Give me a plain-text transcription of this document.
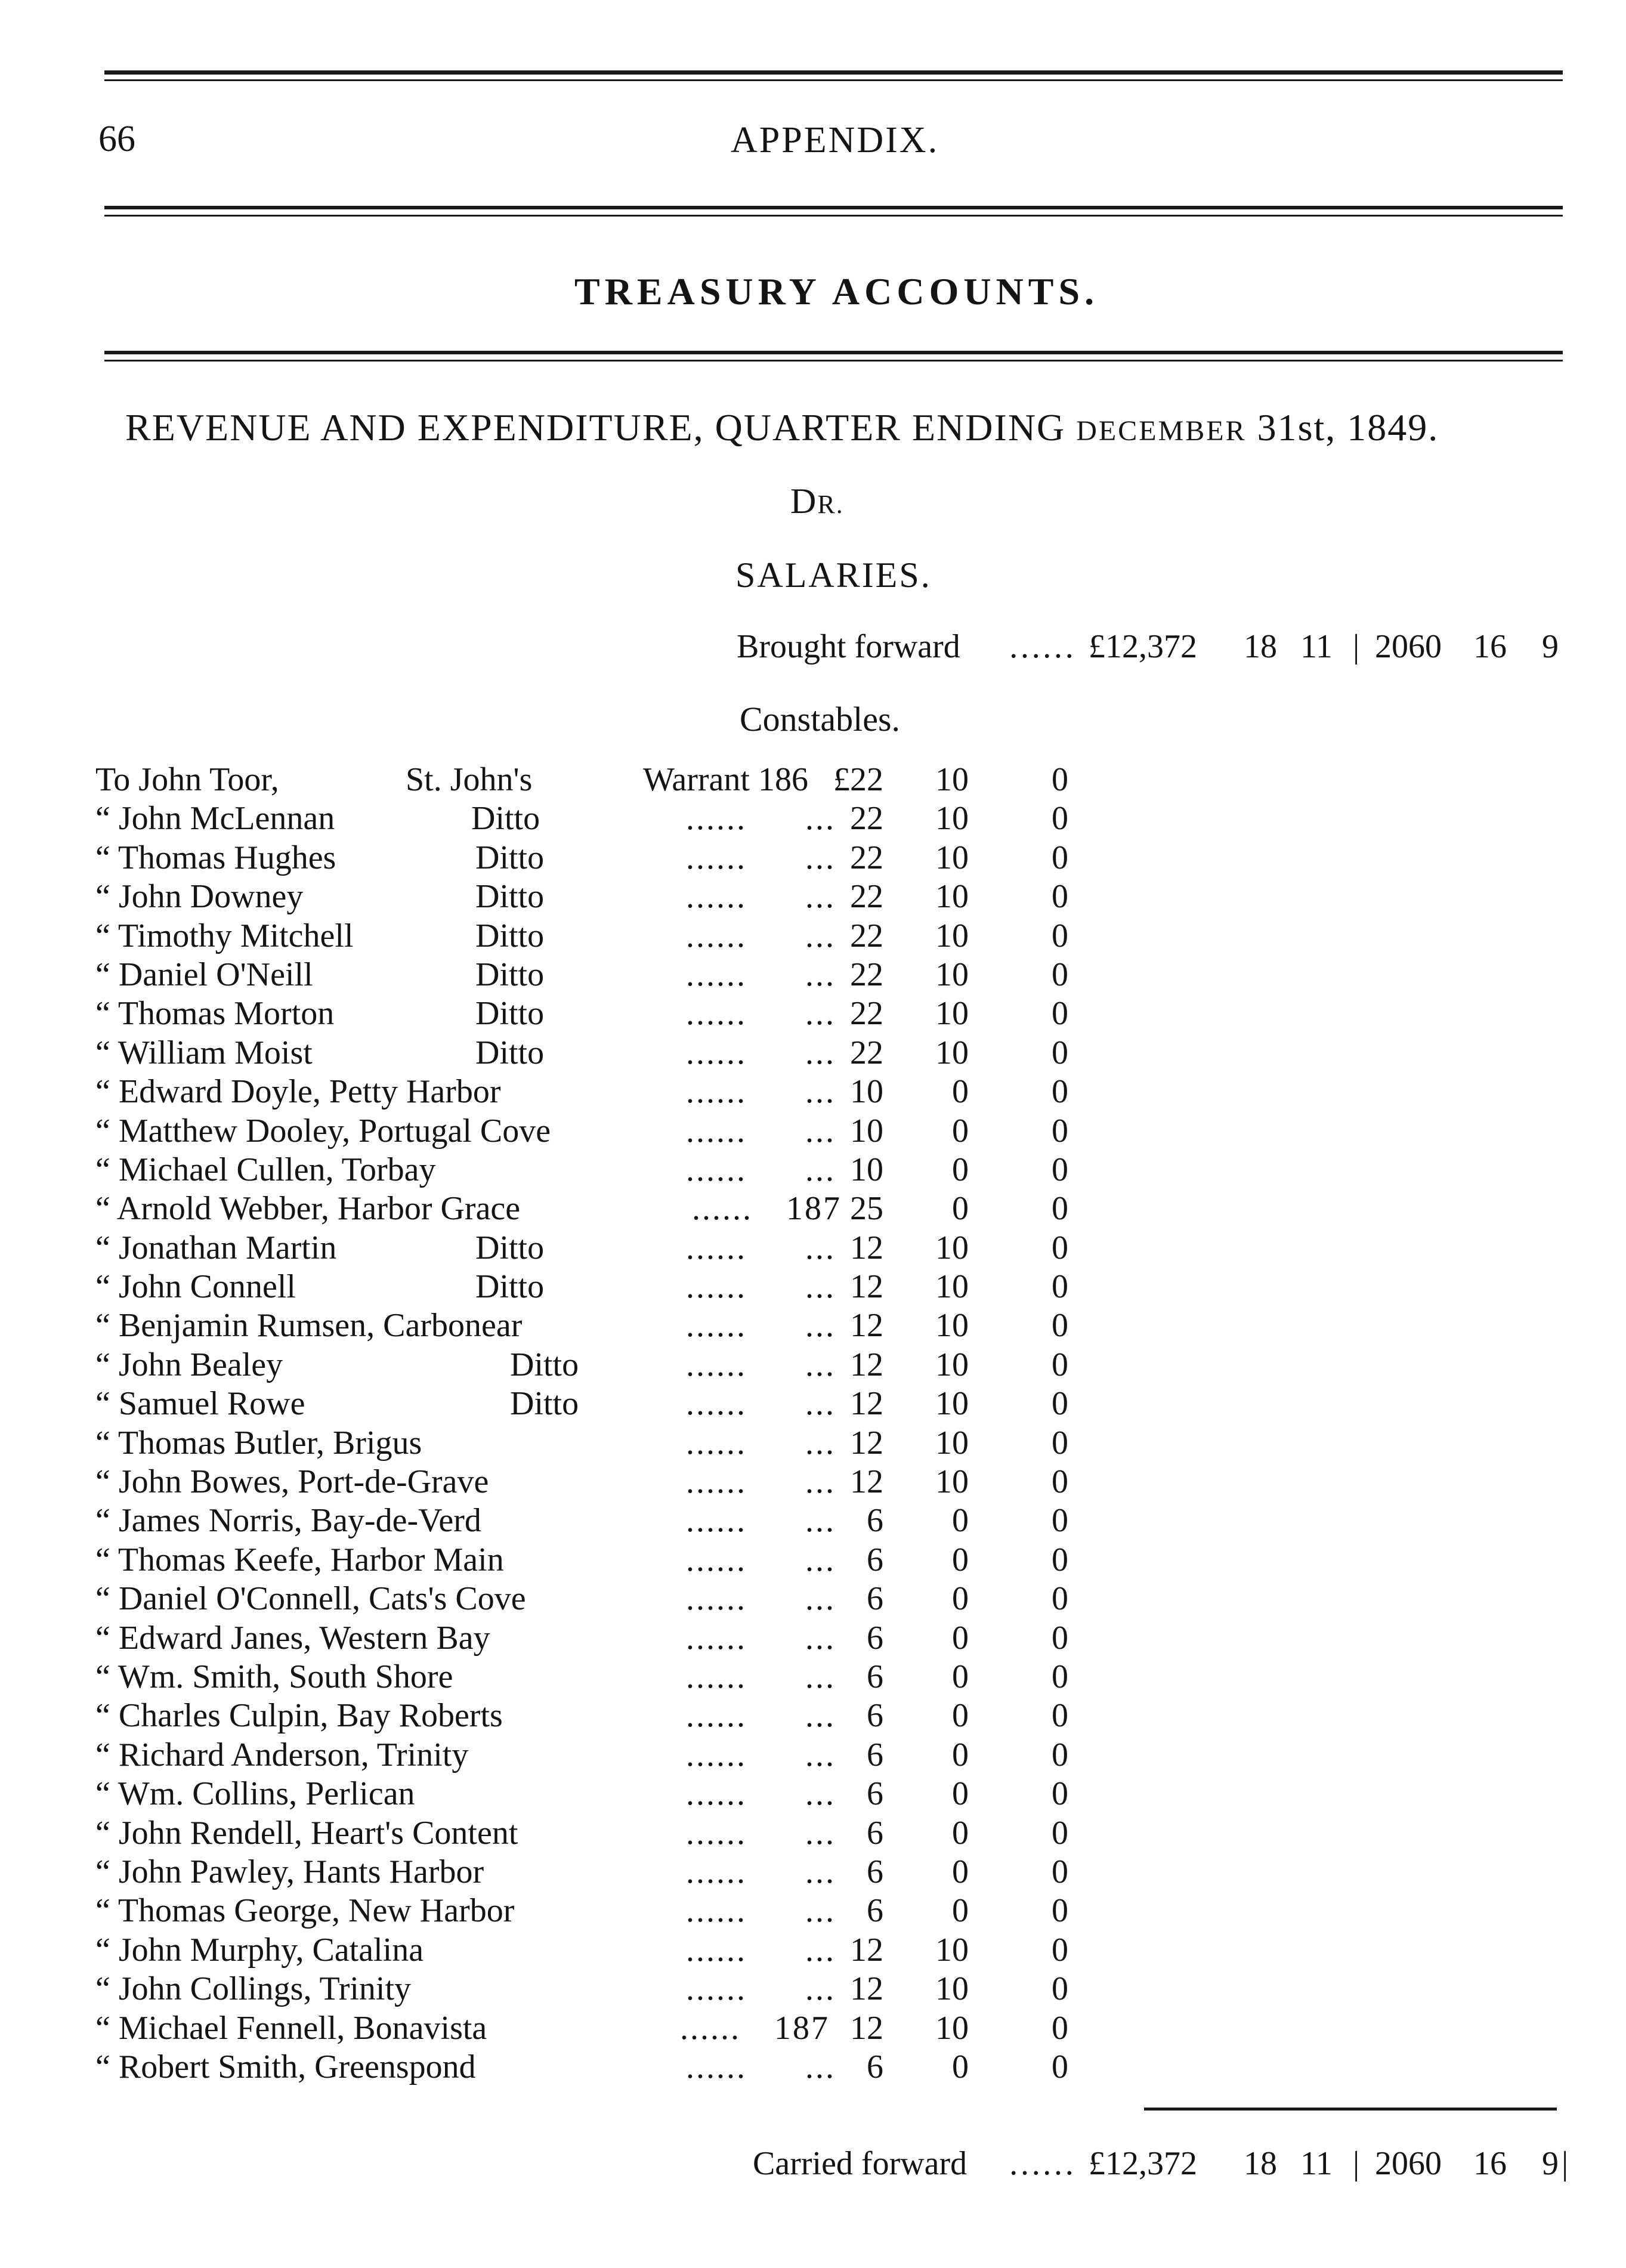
66	APPENDIX.
TREASURY ACCOUNTS.
REVENUE AND EXPENDITURE, QUARTER ENDING DECEMBER 31st, 1849.
DR.
SALARIES.
Brought forward …… £12,372 18 11 | 2060 16 9
Constables.
To John Toor,	St. John's	Warrant 186 £22 10 0
“ John McLennan	Ditto	...... ... 22 10 0
“ Thomas Hughes	Ditto	...... ... 22 10 0
“ John Downey	Ditto	...... ... 22 10 0
“ Timothy Mitchell	Ditto	...... ... 22 10 0
“ Daniel O'Neill	Ditto	...... ... 22 10 0
“ Thomas Morton	Ditto	...... ... 22 10 0
“ William Moist	Ditto	...... ... 22 10 0
“ Edward Doyle, Petty Harbor	...... ... 10 0 0
“ Matthew Dooley, Portugal Cove	...... ... 10 0 0
“ Michael Cullen, Torbay	...... ... 10 0 0
“ Arnold Webber, Harbor Grace	...... 187 25 0 0
“ Jonathan Martin	Ditto	...... ... 12 10 0
“ John Connell	Ditto	...... ... 12 10 0
“ Benjamin Rumsen, Carbonear	...... ... 12 10 0
“ John Bealey	Ditto	...... ... 12 10 0
“ Samuel Rowe	Ditto	...... ... 12 10 0
“ Thomas Butler, Brigus	...... ... 12 10 0
“ John Bowes, Port-de-Grave	...... ... 12 10 0
“ James Norris, Bay-de-Verd	...... ... 6 0 0
“ Thomas Keefe, Harbor Main	...... ... 6 0 0
“ Daniel O'Connell, Cats's Cove	...... ... 6 0 0
“ Edward Janes, Western Bay	...... ... 6 0 0
“ Wm. Smith, South Shore	...... ... 6 0 0
“ Charles Culpin, Bay Roberts	...... ... 6 0 0
“ Richard Anderson, Trinity	...... ... 6 0 0
“ Wm. Collins, Perlican	...... ... 6 0 0
“ John Rendell, Heart's Content	...... ... 6 0 0
“ John Pawley, Hants Harbor	...... ... 6 0 0
“ Thomas George, New Harbor	...... ... 6 0 0
“ John Murphy, Catalina	...... ... 12 10 0
“ John Collings, Trinity	...... ... 12 10 0
“ Michael Fennell, Bonavista	...... 187 12 10 0
“ Robert Smith, Greenspond	...... ... 6 0 0
Carried forward …… £12,372 18 11 | 2060 16 9 |
